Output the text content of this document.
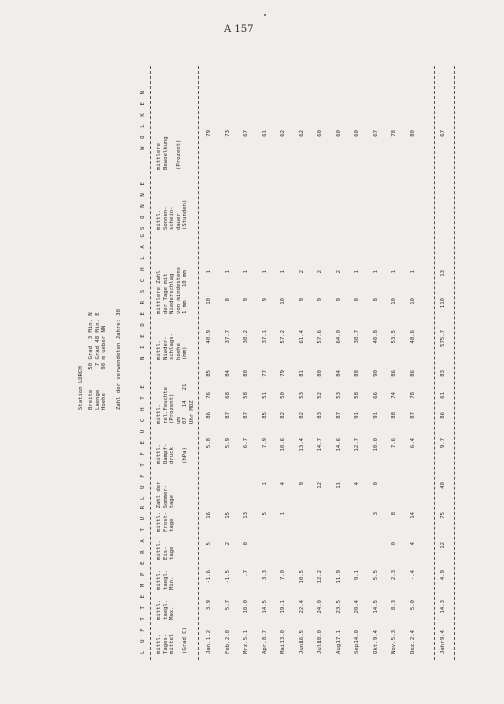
A 157
Station LORCH Breite      50 Grad  3 Min. N Laenge       7 Grad 48 Min. E Hoehe       90 m ueber NN Zahl der verwendeten Jahre: 30
L U F T T E M P E R A T U R
L U F T F E U C H T E
N I E D E R S C H L A G
S O N N E
W O L K E N
mittl.
Tages-
mittel

(Grad C)
mittl.
taegl.
Max.
mittl.
taegl.
Min.
mittl.
Eis-
tage
mittl. Zahl der
Frost- Sommer-
tage   tage
mittl.
Dampf-
druck

(hPa)
mittl.
rel.Feuchte
(Prozent)
um
07   14   21
Uhr MOZ
mittl.
Nieder-
schlags-
hoehe
(mm)
mittlere Zahl
der Tage mit
Niederschlag
von mindestens
1 mm    10 mm
mittl.
Sonnen-
schein-
dauer
(Stunden)
mittlere
Bewoelkung

(Prozent)
Jan.
1.2
3.9
-1.6
5
16
5.8
86
76
85
40.9
10
1
79
Feb.
2.0
5.7
-1.5
2
15
5.9
87
68
84
37.7
8
1
73
Mrz.
5.1
10.0
.7
0
13
6.7
87
58
80
38.2
9
1
67
Apr.
8.7
14.5
3.3
5
1
7.9
85
51
77
37.1
9
1
61
Mai
13.0
19.1
7.0
1
4
10.6
82
50
79
57.2
10
1
62
Juni
16.5
22.4
10.5
9
13.4
82
53
81
61.4
9
2
62
Juli
18.0
24.0
12.2
12
14.7
83
52
80
57.6
9
2
60
Aug.
17.1
23.5
11.9
11
14.6
87
53
84
64.0
9
2
60
Sep.
14.0
20.4
9.1
4
12.7
91
58
88
38.7
8
1
60
Okt.
9.4
14.5
5.5
3
0
10.0
91
66
90
40.8
8
1
67
Nov.
5.3
8.3
2.3
0
8
7.6
88
74
86
53.5
10
1
78
Dez.
2.4
5.0
-.4
4
14
6.4
87
78
86
48.6
10
1
80
Jahr
9.4
14.3
4.9
12
75
40
9.7
86
61
83
575.7
110
13
67
